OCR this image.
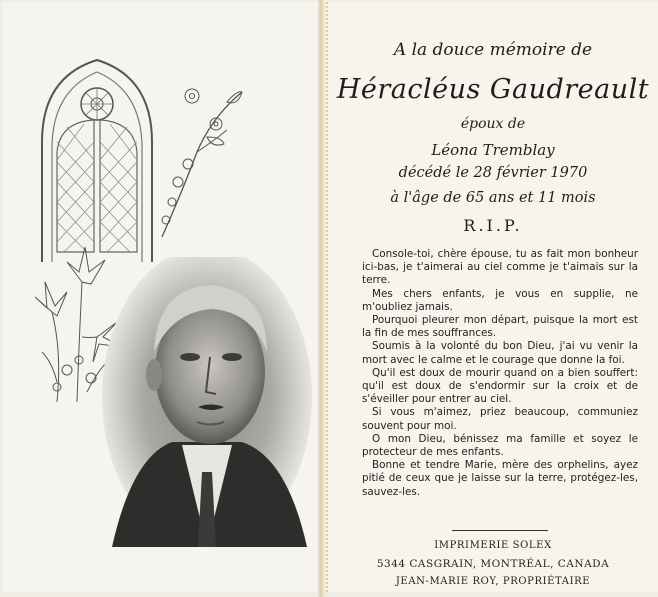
A la douce mémoire de
Héracléus Gaudreault
époux de
Léona Tremblay
décédé le 28 février 1970
à l'âge de 65 ans et 11 mois
R.I.P.

Console-toi, chère épouse, tu as fait mon bonheur ici-bas, je t'aimerai au ciel comme je t'aimais sur la terre.

Mes chers enfants, je vous en supplie, ne m'oubliez jamais.

Pourquoi pleurer mon départ, puisque la mort est la fin de mes souffrances.

Soumis à la volonté du bon Dieu, j'ai vu venir la mort avec le calme et le courage que donne la foi.

Qu'il est doux de mourir quand on a bien souffert: qu'il est doux de s'endormir sur la croix et de s'éveiller pour entrer au ciel.

Si vous m'aimez, priez beaucoup, communiez souvent pour moi.

O mon Dieu, bénissez ma famille et soyez le protecteur de mes enfants.

Bonne et tendre Marie, mère des orphelins, ayez pitié de ceux que je laisse sur la terre, protégez-les, sauvez-les.

IMPRIMERIE SOLEX
5344 CASGRAIN, MONTRÉAL, CANADA
JEAN-MARIE ROY, PROPRIÉTAIRE
